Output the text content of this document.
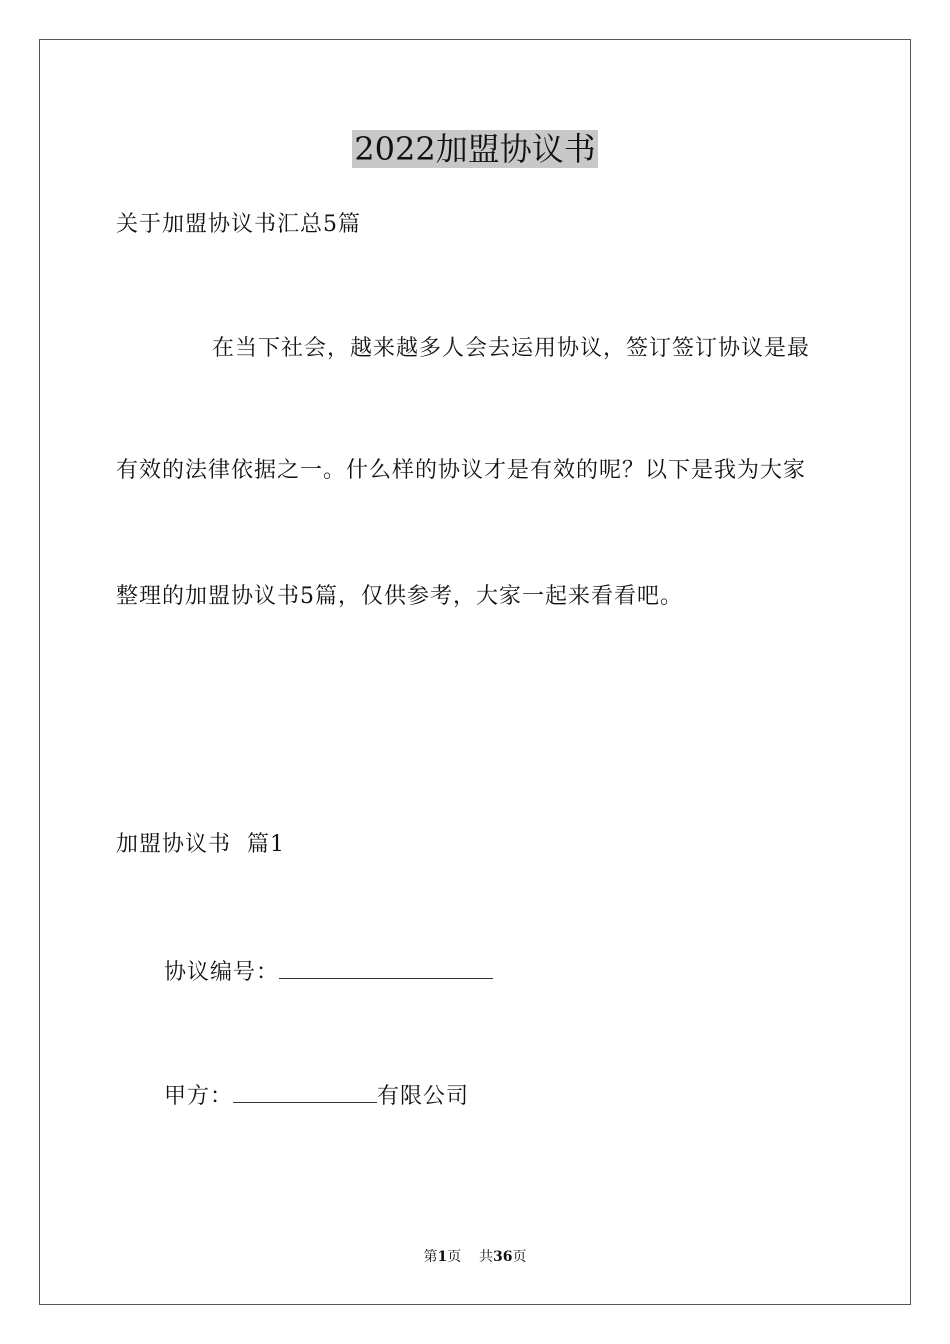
2022加盟协议书
关于加盟协议书汇总5篇
在当下社会，越来越多人会去运用协议，签订签订协议是最
有效的法律依据之一。什么样的协议才是有效的呢？以下是我为大家
整理的加盟协议书5篇，仅供参考，大家一起来看看吧。
加盟协议书  篇1
协议编号：
甲方：	有限公司
第1页 共36页
